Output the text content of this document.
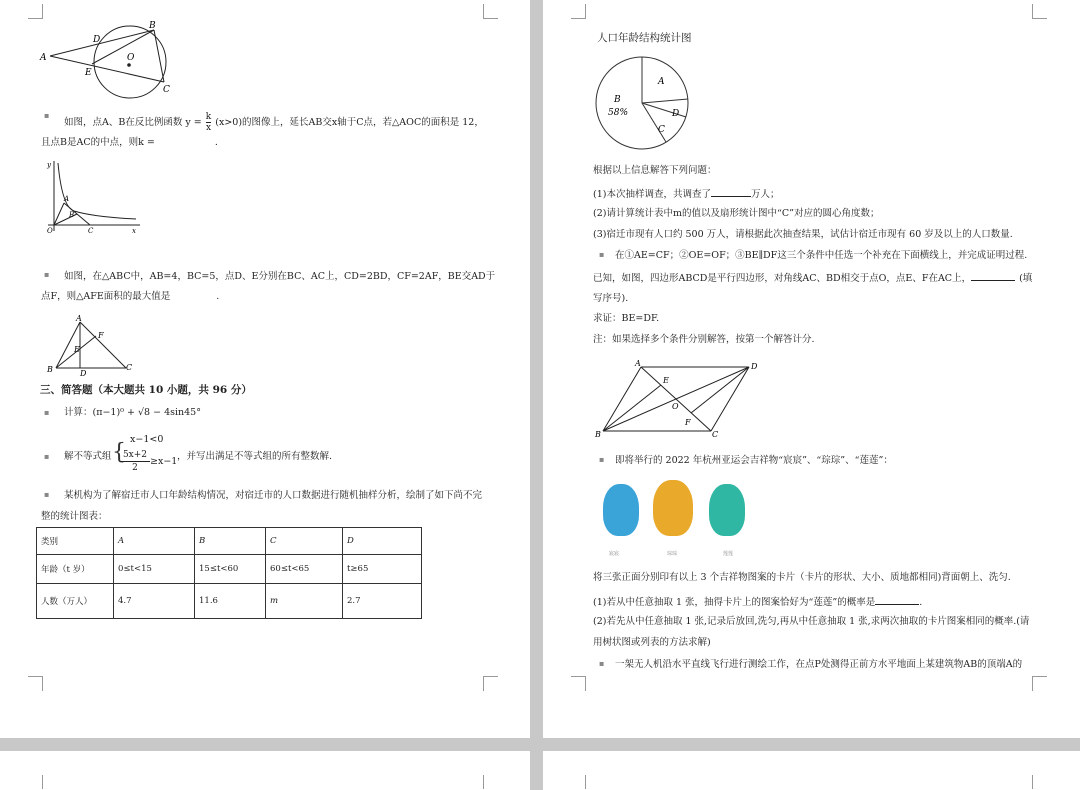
A
B
C
D
E
O
▪
如图，点A、B在反比例函数 $y = \frac{k}{x} (x>0)$的图像上，延长AB交x轴于C点，若△AOC的面积是 12，
且点B是AC的中点，则k =	.
y
A
B
O	C	x
▪ 如图，在△ABC中，AB=4，BC=5，点D、E分别在BC、AC上，CD=2BD，CF=2AF，BE交AD于
点F，则△AFE面积的最大值是	.
A
B	C
D
E
F
三、简答题（本大题共 10 小题，共 96 分）
▪ 计算：(π−1)⁰ + √8 − 4sin45°
▪ 解不等式组 {
x−1<0
5x+2
2
≥x−1 ，并写出满足不等式组的所有整数解.
▪ 某机构为了解宿迁市人口年龄结构情况，对宿迁市的人口数据进行随机抽样分析，绘制了如下尚不完
整的统计图表：
类别	A	B	C	D
年龄（t 岁）	0≤t<15	15≤t<60	60≤t<65	t≥65
人数（万人）	4.7	11.6	m	2.7
人口年龄结构统计图
A
B
58%
C
D
根据以上信息解答下列问题：
(1)本次抽样调查，共调查了	万人；
(2)请计算统计表中m的值以及扇形统计图中“C”对应的圆心角度数；
(3)宿迁市现有人口约 500 万人，请根据此次抽查结果，试估计宿迁市现有 60 岁及以上的人口数量.
▪ 在①AE=CF；②OE=OF；③BE∥DF这三个条件中任选一个补充在下面横线上，并完成证明过程.
已知，如图，四边形ABCD是平行四边形，对角线AC、BD相交于点O，点E、F在AC上，	(填
写序号).
求证：BE=DF.
注：如果选择多个条件分别解答，按第一个解答计分.
A
B	C
D
E
F
O
▪ 即将举行的 2022 年杭州亚运会吉祥物“宸宸”、“琮琮”、“莲莲”：
宸宸	琮琮	莲莲
将三张正面分别印有以上 3 个吉祥物图案的卡片（卡片的形状、大小、质地都相同)背面朝上、洗匀.
(1)若从中任意抽取 1 张，抽得卡片上的图案恰好为“莲莲”的概率是	.
(2)若先从中任意抽取 1 张,记录后放回,洗匀,再从中任意抽取 1 张,求两次抽取的卡片图案相同的概率.(请
用树状图或列表的方法求解)
▪ 一架无人机沿水平直线飞行进行测绘工作，在点P处测得正前方水平地面上某建筑物AB的顶端A的
